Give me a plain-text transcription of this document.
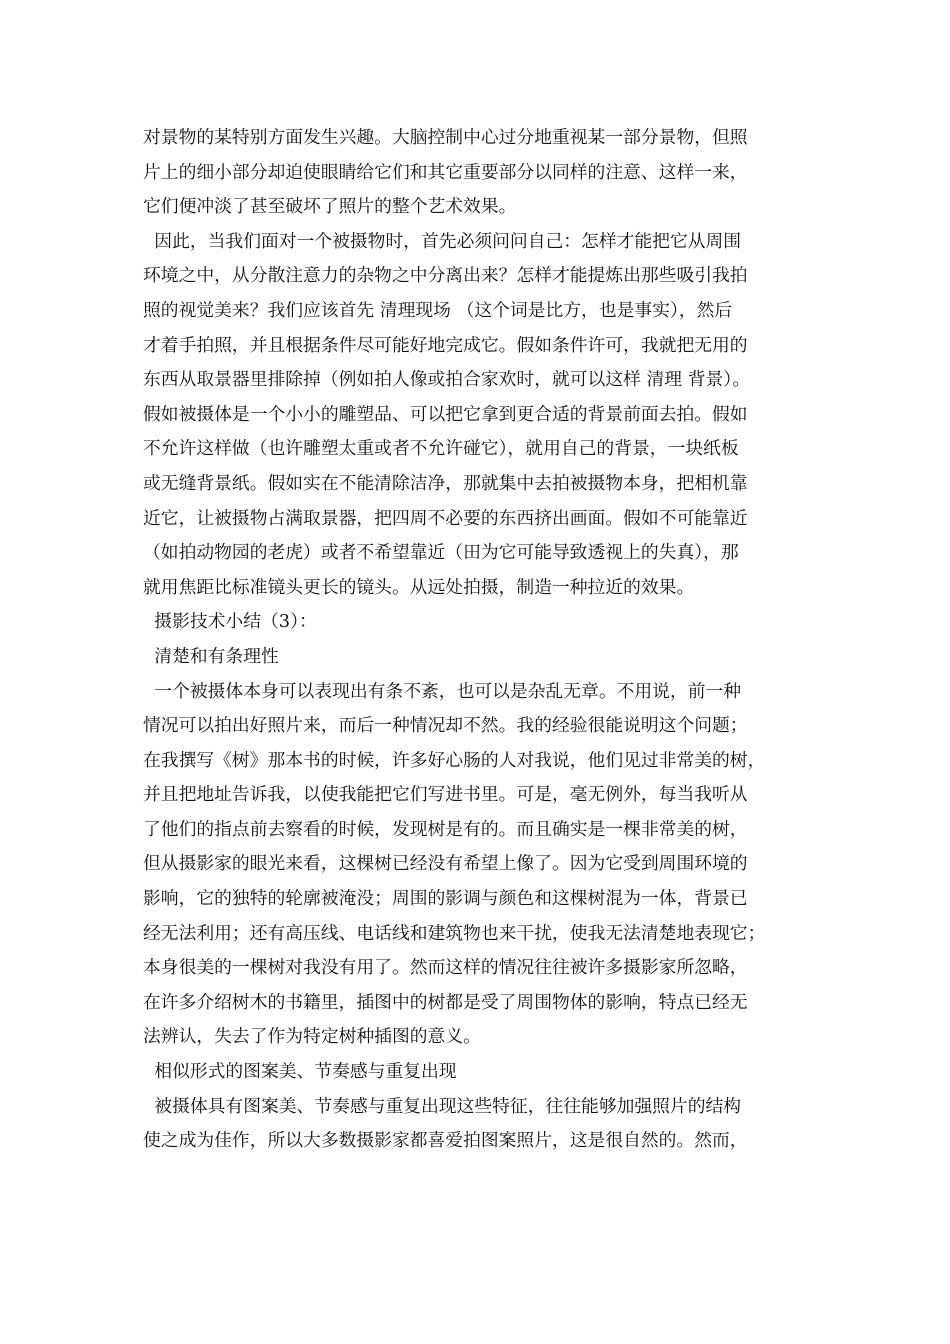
对景物的某特别方面发生兴趣。大脑控制中心过分地重视某一部分景物，但照
片上的细小部分却迫使眼睛给它们和其它重要部分以同样的注意、这样一来，
它们便冲淡了甚至破坏了照片的整个艺术效果。
因此，当我们面对一个被摄物时，首先必须问问自己：怎样才能把它从周围
环境之中，从分散注意力的杂物之中分离出来？怎样才能提炼出那些吸引我拍
照的视觉美来？我们应该首先 清理现场 （这个词是比方，也是事实），然后
才着手拍照，并且根据条件尽可能好地完成它。假如条件许可，我就把无用的
东西从取景器里排除掉（例如拍人像或拍合家欢时，就可以这样 清理 背景）。
假如被摄体是一个小小的雕塑品、可以把它拿到更合适的背景前面去拍。假如
不允许这样做（也许雕塑太重或者不允许碰它），就用自己的背景，一块纸板
或无缝背景纸。假如实在不能清除洁净，那就集中去拍被摄物本身，把相机靠
近它，让被摄物占满取景器，把四周不必要的东西挤出画面。假如不可能靠近
（如拍动物园的老虎）或者不希望靠近（田为它可能导致透视上的失真），那
就用焦距比标准镜头更长的镜头。从远处拍摄，制造一种拉近的效果。
摄影技术小结（3）：
清楚和有条理性
一个被摄体本身可以表现出有条不紊，也可以是杂乱无章。不用说，前一种
情况可以拍出好照片来，而后一种情况却不然。我的经验很能说明这个问题；
在我撰写《树》那本书的时候，许多好心肠的人对我说，他们见过非常美的树，
并且把地址告诉我，以使我能把它们写进书里。可是，毫无例外，每当我听从
了他们的指点前去察看的时候，发现树是有的。而且确实是一棵非常美的树，
但从摄影家的眼光来看，这棵树已经没有希望上像了。因为它受到周围环境的
影响，它的独特的轮廓被淹没；周围的影调与颜色和这棵树混为一体，背景已
经无法利用；还有高压线、电话线和建筑物也来干扰，使我无法清楚地表现它；
本身很美的一棵树对我没有用了。然而这样的情况往往被许多摄影家所忽略，
在许多介绍树木的书籍里，插图中的树都是受了周围物体的影响，特点已经无
法辨认，失去了作为特定树种插图的意义。
相似形式的图案美、节奏感与重复出现
被摄体具有图案美、节奏感与重复出现这些特征，往往能够加强照片的结构
使之成为佳作，所以大多数摄影家都喜爱拍图案照片，这是很自然的。然而，
